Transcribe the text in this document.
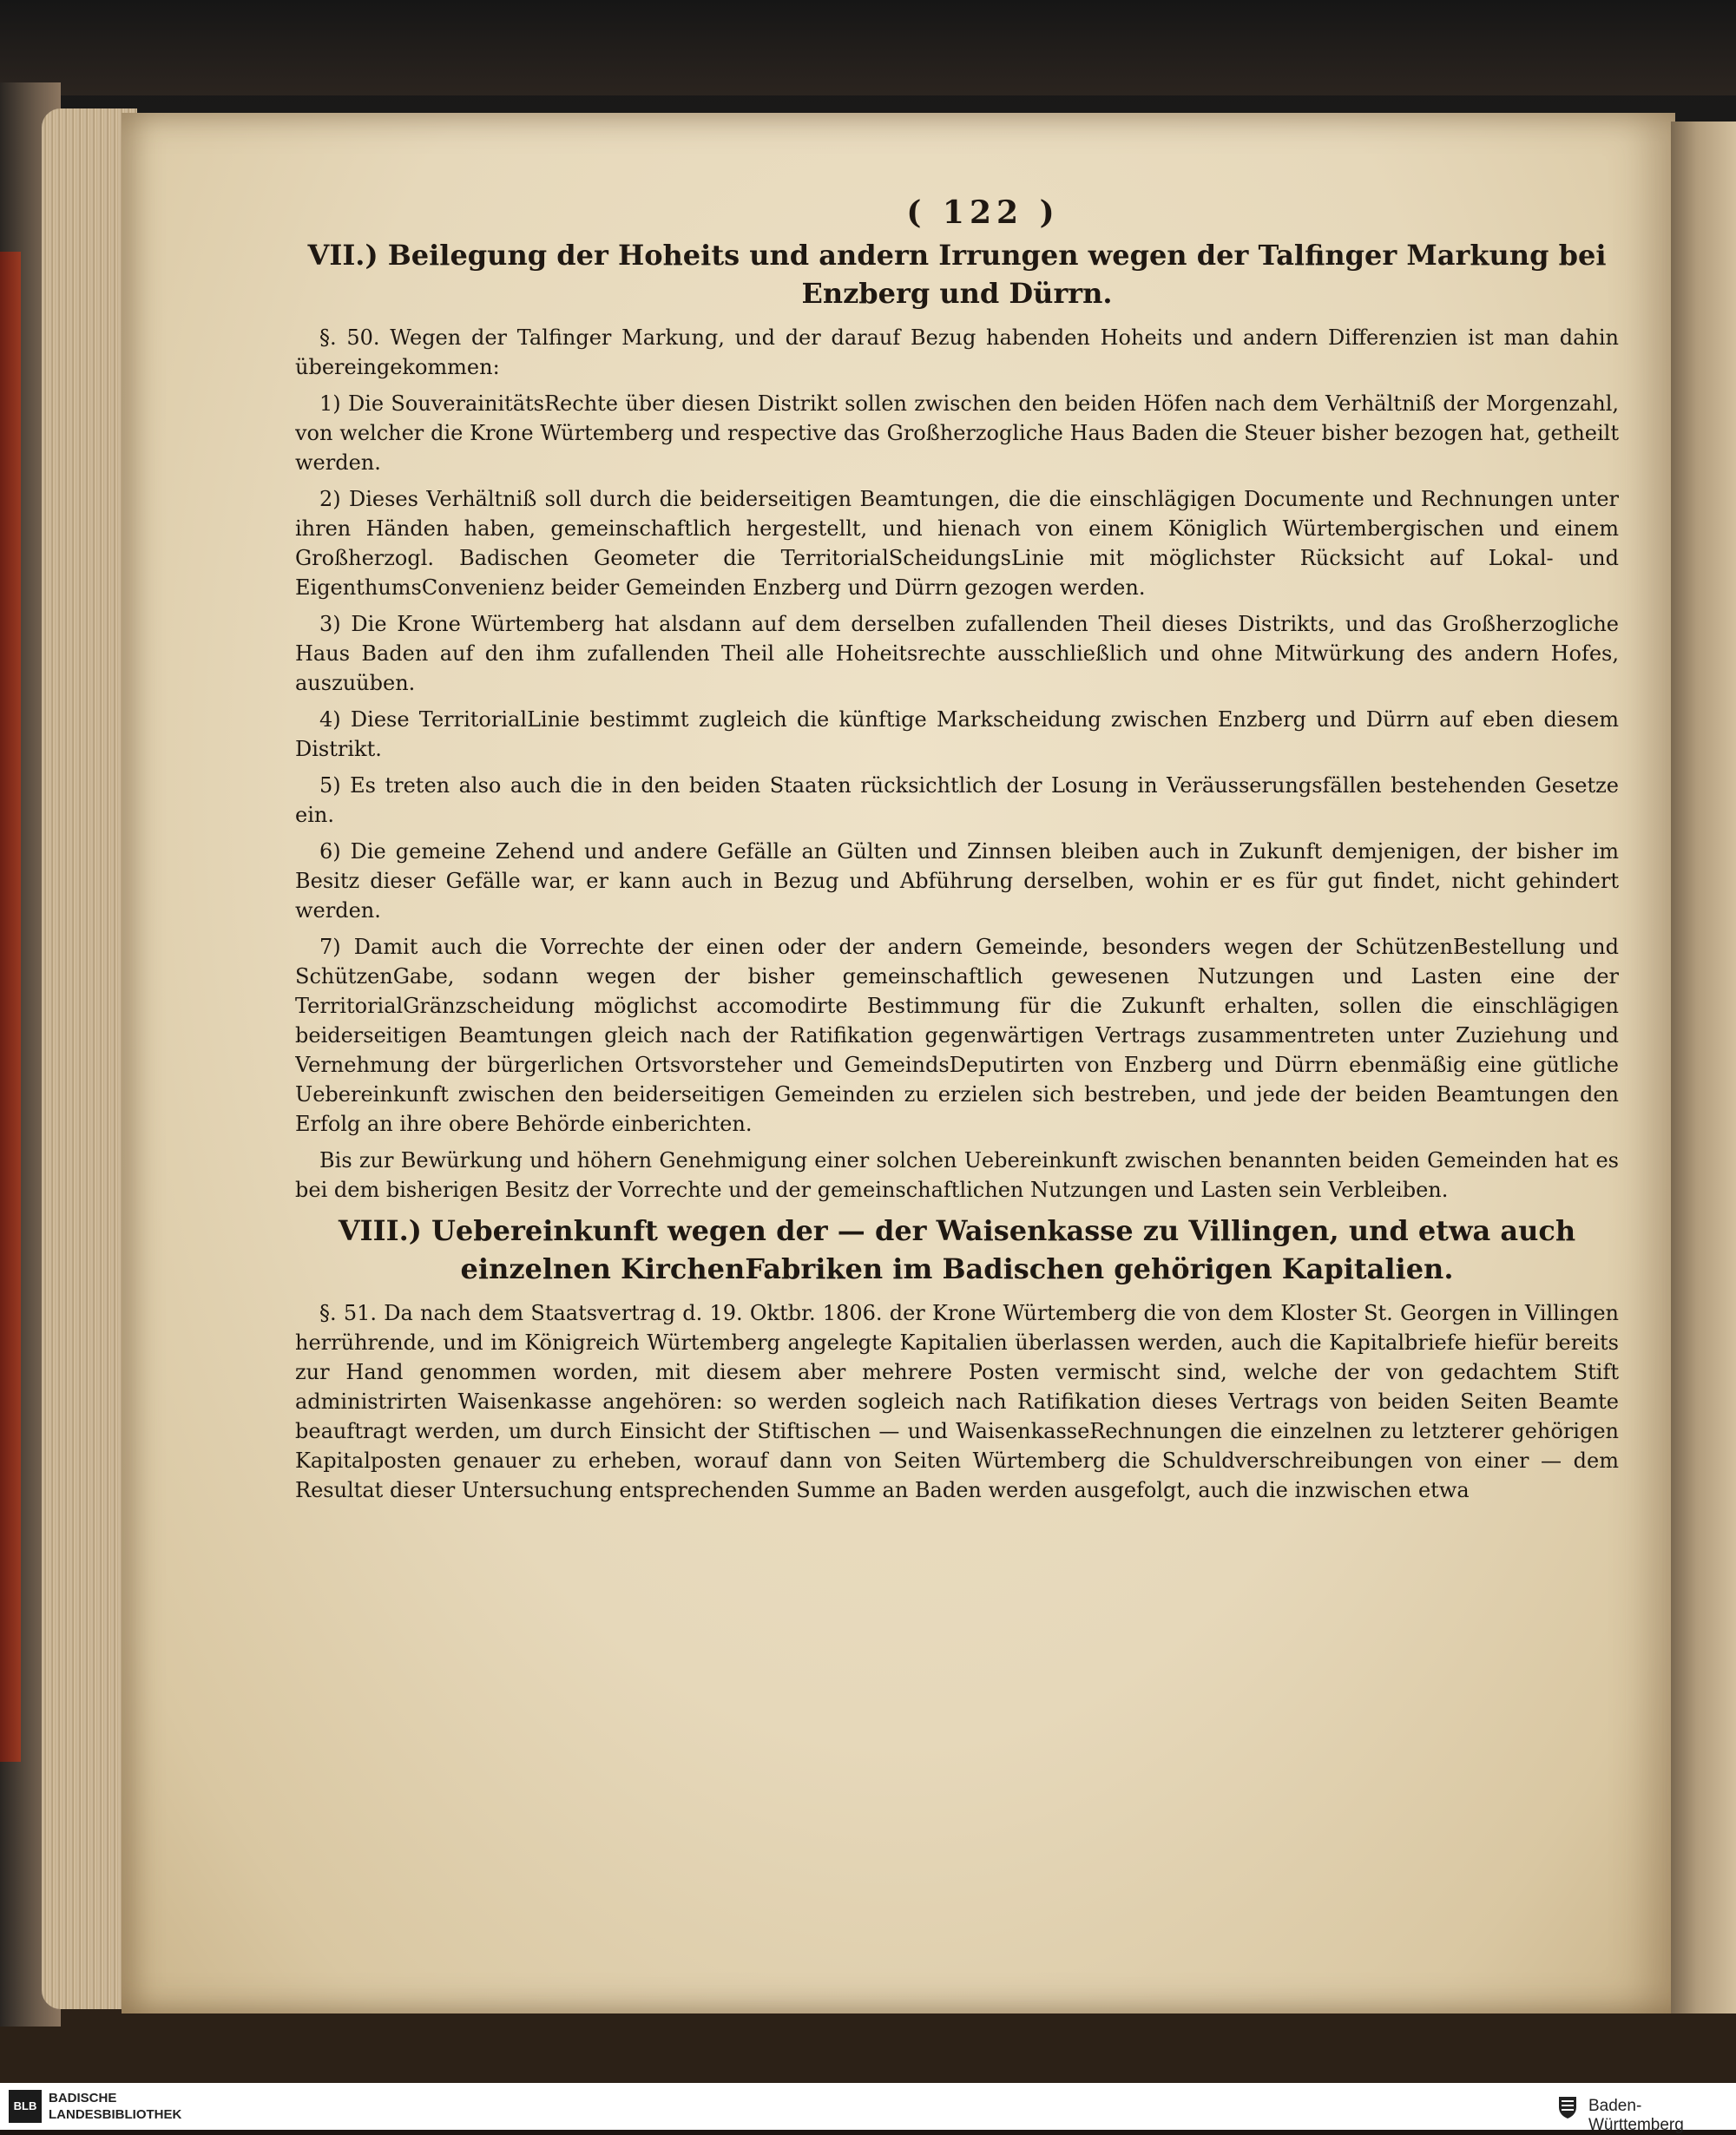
( 122 )
VII.) Beilegung der Hoheits und andern Irrungen wegen der Talfinger Markung bei Enzberg und Dürrn.

§. 50. Wegen der Talfinger Markung, und der darauf Bezug habenden Hoheits und andern Differenzien ist man dahin übereingekommen:

1) Die SouverainitätsRechte über diesen Distrikt sollen zwischen den beiden Höfen nach dem Verhältniß der Morgenzahl, von welcher die Krone Würtemberg und respective das Großherzogliche Haus Baden die Steuer bisher bezogen hat, getheilt werden.

2) Dieses Verhältniß soll durch die beiderseitigen Beamtungen, die die einschlägigen Documente und Rechnungen unter ihren Händen haben, gemeinschaftlich hergestellt, und hienach von einem Königlich Würtembergischen und einem Großherzogl. Badischen Geometer die TerritorialScheidungsLinie mit möglichster Rücksicht auf Lokal- und EigenthumsConvenienz beider Gemeinden Enzberg und Dürrn gezogen werden.

3) Die Krone Würtemberg hat alsdann auf dem derselben zufallenden Theil dieses Distrikts, und das Großherzogliche Haus Baden auf den ihm zufallenden Theil alle Hoheitsrechte ausschließlich und ohne Mitwürkung des andern Hofes, auszuüben.

4) Diese TerritorialLinie bestimmt zugleich die künftige Markscheidung zwischen Enzberg und Dürrn auf eben diesem Distrikt.

5) Es treten also auch die in den beiden Staaten rücksichtlich der Losung in Veräusserungsfällen bestehenden Gesetze ein.

6) Die gemeine Zehend und andere Gefälle an Gülten und Zinnsen bleiben auch in Zukunft demjenigen, der bisher im Besitz dieser Gefälle war, er kann auch in Bezug und Abführung derselben, wohin er es für gut findet, nicht gehindert werden.

7) Damit auch die Vorrechte der einen oder der andern Gemeinde, besonders wegen der SchützenBestellung und SchützenGabe, sodann wegen der bisher gemeinschaftlich gewesenen Nutzungen und Lasten eine der TerritorialGränzscheidung möglichst accomodirte Bestimmung für die Zukunft erhalten, sollen die einschlägigen beiderseitigen Beamtungen gleich nach der Ratifikation gegenwärtigen Vertrags zusammentreten unter Zuziehung und Vernehmung der bürgerlichen Ortsvorsteher und GemeindsDeputirten von Enzberg und Dürrn ebenmäßig eine gütliche Uebereinkunft zwischen den beiderseitigen Gemeinden zu erzielen sich bestreben, und jede der beiden Beamtungen den Erfolg an ihre obere Behörde einberichten.

Bis zur Bewürkung und höhern Genehmigung einer solchen Uebereinkunft zwischen benannten beiden Gemeinden hat es bei dem bisherigen Besitz der Vorrechte und der gemeinschaftlichen Nutzungen und Lasten sein Verbleiben.

VIII.) Uebereinkunft wegen der — der Waisenkasse zu Villingen, und etwa auch einzelnen KirchenFabriken im Badischen gehörigen Kapitalien.

§. 51. Da nach dem Staatsvertrag d. 19. Oktbr. 1806. der Krone Würtemberg die von dem Kloster St. Georgen in Villingen herrührende, und im Königreich Würtemberg angelegte Kapitalien überlassen werden, auch die Kapitalbriefe hiefür bereits zur Hand genommen worden, mit diesem aber mehrere Posten vermischt sind, welche der von gedachtem Stift administrirten Waisenkasse angehören: so werden sogleich nach Ratifikation dieses Vertrags von beiden Seiten Beamte beauftragt werden, um durch Einsicht der Stiftischen — und WaisenkasseRechnungen die einzelnen zu letzterer gehörigen Kapitalposten genauer zu erheben, worauf dann von Seiten Würtemberg die Schuldverschreibungen von einer — dem Resultat dieser Untersuchung entsprechenden Summe an Baden werden ausgefolgt, auch die inzwischen etwa

BLB
BADISCHE
LANDESBIBLIOTHEK	Baden-Württemberg
